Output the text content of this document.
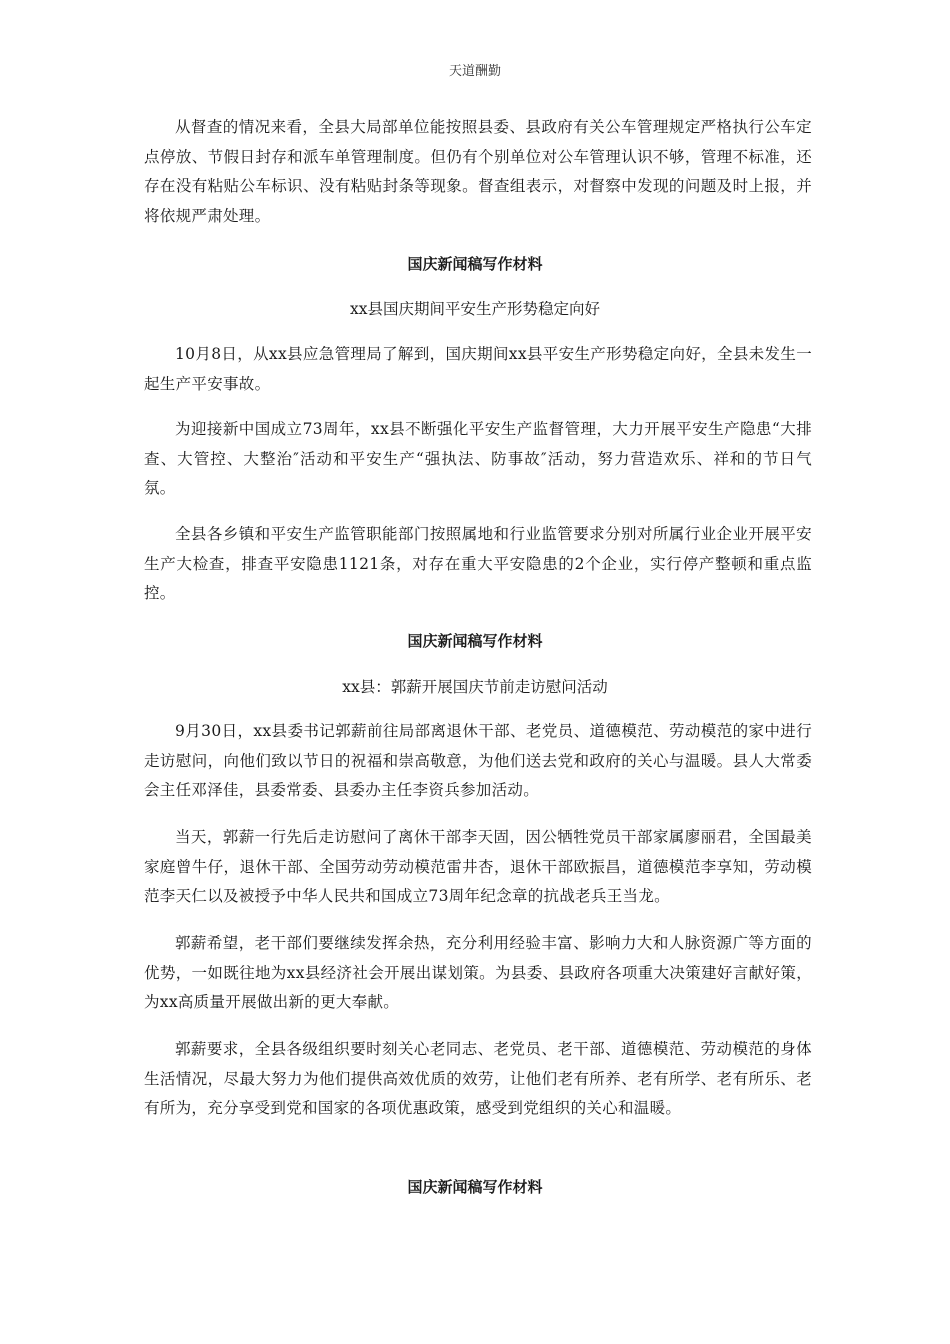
天道酬勤

从督查的情况来看，全县大局部单位能按照县委、县政府有关公车管理规定严格执行公车定点停放、节假日封存和派车单管理制度。但仍有个别单位对公车管理认识不够，管理不标准，还存在没有粘贴公车标识、没有粘贴封条等现象。督查组表示，对督察中发现的问题及时上报，并将依规严肃处理。

国庆新闻稿写作材料
xx县国庆期间平安生产形势稳定向好

10月8日，从xx县应急管理局了解到，国庆期间xx县平安生产形势稳定向好，全县未发生一起生产平安事故。

为迎接新中国成立73周年，xx县不断强化平安生产监督管理，大力开展平安生产隐患“大排查、大管控、大整治″活动和平安生产“强执法、防事故″活动，努力营造欢乐、祥和的节日气氛。

全县各乡镇和平安生产监管职能部门按照属地和行业监管要求分别对所属行业企业开展平安生产大检查，排查平安隐患1121条，对存在重大平安隐患的2个企业，实行停产整顿和重点监控。

国庆新闻稿写作材料
xx县：郭薪开展国庆节前走访慰问活动

9月30日，xx县委书记郭薪前往局部离退休干部、老党员、道德模范、劳动模范的家中进行走访慰问，向他们致以节日的祝福和崇高敬意，为他们送去党和政府的关心与温暖。县人大常委会主任邓泽佳，县委常委、县委办主任李资兵参加活动。

当天，郭薪一行先后走访慰问了离休干部李天固，因公牺牲党员干部家属廖丽君，全国最美家庭曾牛仔，退休干部、全国劳动劳动模范雷井杏，退休干部欧振昌，道德模范李享知，劳动模范李天仁以及被授予中华人民共和国成立73周年纪念章的抗战老兵王当龙。

郭薪希望，老干部们要继续发挥余热，充分利用经验丰富、影响力大和人脉资源广等方面的优势，一如既往地为xx县经济社会开展出谋划策。为县委、县政府各项重大决策建好言献好策，为xx高质量开展做出新的更大奉献。

郭薪要求，全县各级组织要时刻关心老同志、老党员、老干部、道德模范、劳动模范的身体生活情况，尽最大努力为他们提供高效优质的效劳，让他们老有所养、老有所学、老有所乐、老有所为，充分享受到党和国家的各项优惠政策，感受到党组织的关心和温暖。

国庆新闻稿写作材料
